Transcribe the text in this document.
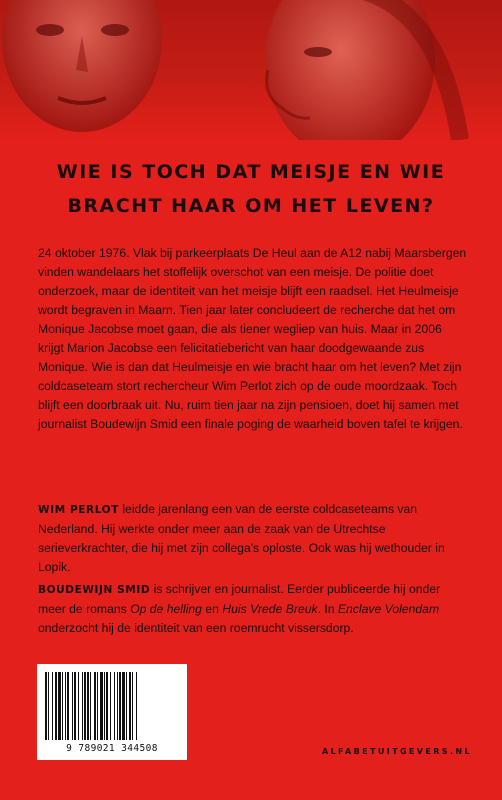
WIE IS TOCH DAT MEISJE EN WIE
BRACHT HAAR OM HET LEVEN?

24 oktober 1976. Vlak bij parkeerplaats De Heul aan de A12 nabij Maarsbergen vinden wandelaars het stoffelijk overschot van een meisje. De politie doet onderzoek, maar de identiteit van het meisje blijft een raadsel. Het Heulmeisje wordt begraven in Maarn. Tien jaar later concludeert de recherche dat het om Monique Jacobse moet gaan, die als tiener wegliep van huis. Maar in 2006 krijgt Marion Jacobse een felicitatiebericht van haar doodgewaande zus Monique. Wie is dan dat Heulmeisje en wie bracht haar om het leven? Met zijn coldcaseteam stort rechercheur Wim Perlot zich op de oude moordzaak. Toch blijft een doorbraak uit. Nu, ruim tien jaar na zijn pensioen, doet hij samen met journalist Boudewijn Smid een finale poging de waarheid boven tafel te krijgen.

WIM PERLOT leidde jarenlang een van de eerste coldcaseteams van Nederland. Hij werkte onder meer aan de zaak van de Utrechtse serieverkrachter, die hij met zijn collega's oploste. Ook was hij wethouder in Lopik.

BOUDEWIJN SMID is schrijver en journalist. Eerder publiceerde hij onder meer de romans Op de helling en Huis Vrede Breuk. In Enclave Volendam onderzocht hij de identiteit van een roemrucht vissersdorp.

9 789021 344508	ALFABETUITGEVERS.NL
